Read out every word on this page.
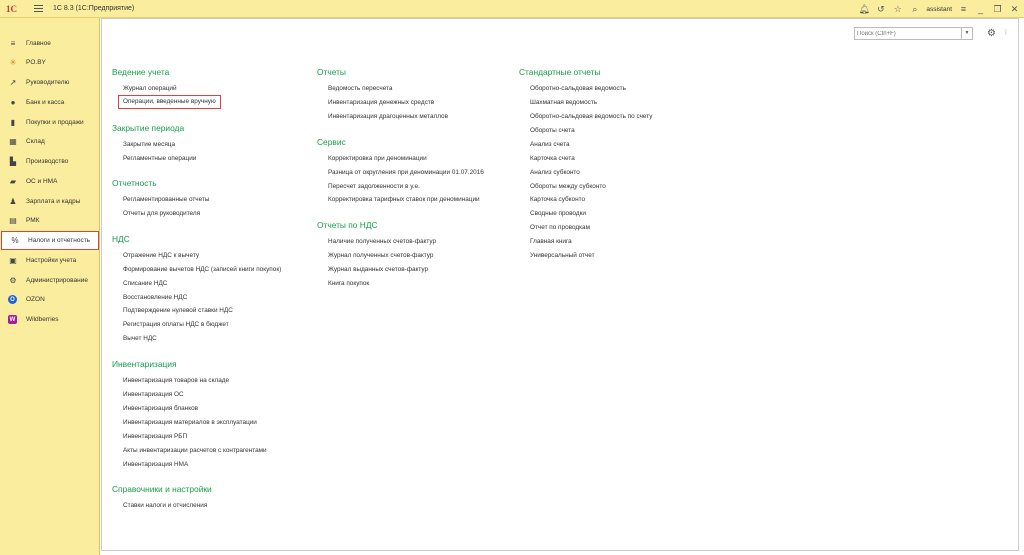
1С	1С 8.3 (1С:Предприятие)	🔔︎ ↺ ☆	⌕	assistant ≡	_	❐ ✕
≡	Главное
✳ PO.BY
↗ Руководителю
●	Банк и касса
▮	Покупки и продажи
▦ Склад
▙ Производство
▰ ОС и НМА
♟ Зарплата и кадры
▤ РМК
% Налоги и отчетность
▣ Настройки учета
⚙ Администрирование
O	OZON
W Wildberries
Поиск (Ctrl+F)
▼ ⚙ ⋮
Ведение учета
Журнал операций
Операции, введенные вручную
Закрытие периода
Закрытие месяца
Регламентные операции
Отчетность
Регламентированные отчеты
Отчеты для руководителя
НДС
Отражение НДС к вычету
Формирование вычетов НДС (записей книги покупок)
Списание НДС
Восстановление НДС
Подтверждение нулевой ставки НДС
Регистрация оплаты НДС в бюджет
Вычет НДС
Инвентаризация
Инвентаризация товаров на складе
Инвентаризация ОС
Инвентаризация бланков
Инвентаризация материалов в эксплуатации
Инвентаризация РБП
Акты инвентаризации расчетов с контрагентами
Инвентаризация НМА
Справочники и настройки
Ставки налоги и отчисления
Отчеты
Ведомость пересчета
Инвентаризация денежных средств
Инвентаризация драгоценных металлов
Сервис
Корректировка при деноминации
Разница от округления при деноминации 01.07.2016
Пересчет задолженности в у.е.
Корректировка тарифных ставок при деноминации
Отчеты по НДС
Наличие полученных счетов-фактур
Журнал полученных счетов-фактур
Журнал выданных счетов-фактур
Книга покупок
Стандартные отчеты
Оборотно-сальдовая ведомость
Шахматная ведомость
Оборотно-сальдовая ведомость по счету
Обороты счета
Анализ счета
Карточка счета
Анализ субконто
Обороты между субконто
Карточка субконто
Сводные проводки
Отчет по проводкам
Главная книга
Универсальный отчет
